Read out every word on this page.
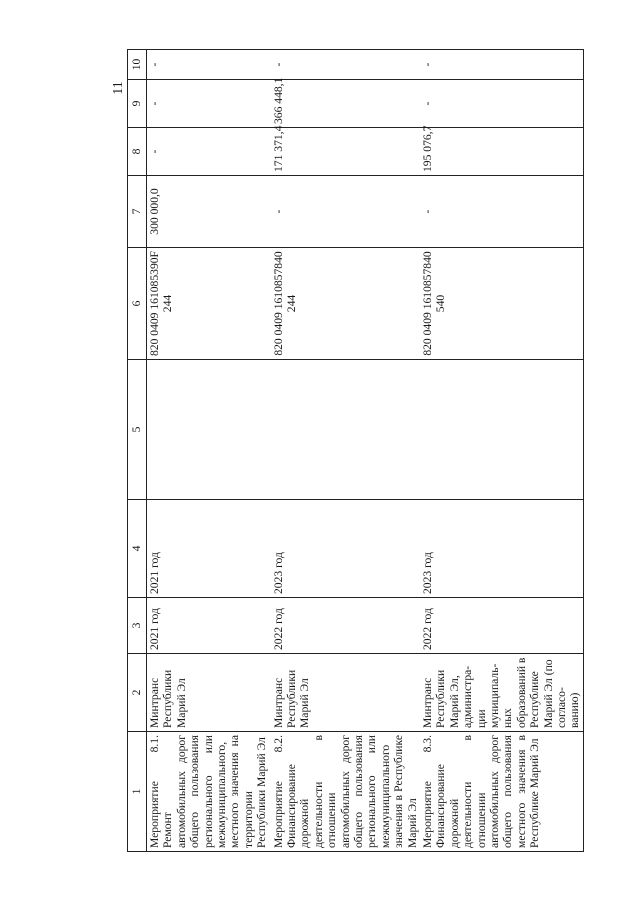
11
1	2	3	4	5	6	7	8	9	10
Мероприятие 8.1. Ремонт автомобильных дорог общего пользования регионального или межмуниципального, местного значения на территории Республики Марий Эл	Минтранс Республики Марий Эл	2021 год	2021 год		820 0409 161085390F 244	300 000,0	-	-	-
Мероприятие 8.2. Финансирование дорожной деятельности в отношении автомобильных дорог общего пользования регионального или межмуниципального значения в Республике Марий Эл	Минтранс Республики Марий Эл	2022 год	2023 год		820 0409 1610857840 244	-	171 371,4	366 448,1	-
Мероприятие 8.3. Финансирование дорожной деятельности в отношении автомобильных дорог общего пользования местного значения в Республике Марий Эл	Минтранс Республики Марий Эл, администра-ции муниципаль-ных образований в Республике Марий Эл (по согласо-ванию)	2022 год	2023 год		820 0409 1610857840 540	-	195 076,7	-	-
